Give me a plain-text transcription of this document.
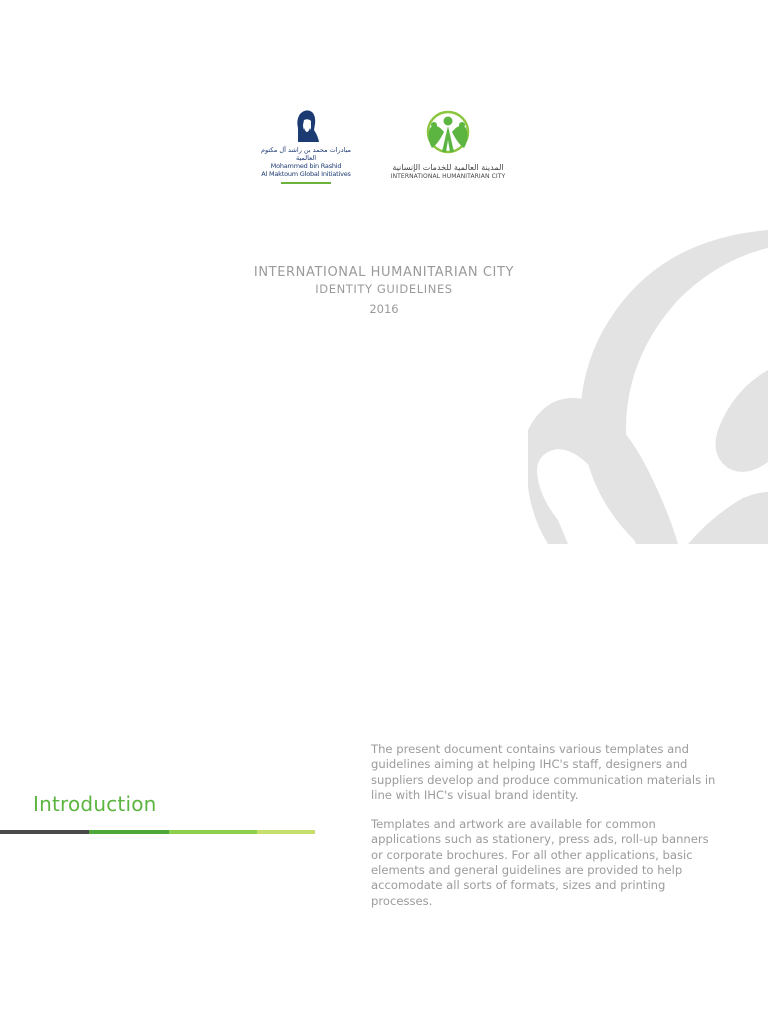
مبادرات محمد بن راشد آل مكتوم العالمية
Mohammed bin Rashid
Al Maktoum Global Initiatives
المدينة العالمية للخدمات الإنسانية
INTERNATIONAL HUMANITARIAN CITY
INTERNATIONAL HUMANITARIAN CITY
IDENTITY GUIDELINES
2016
Introduction

The present document contains various templates and guidelines aiming at helping IHC's staff, designers and suppliers develop and produce communication materials in line with IHC's visual brand identity.

Templates and artwork are available for common applications such as stationery, press ads, roll-up banners or corporate brochures. For all other applications, basic elements and general guidelines are provided to help accomodate all sorts of formats, sizes and printing processes.
